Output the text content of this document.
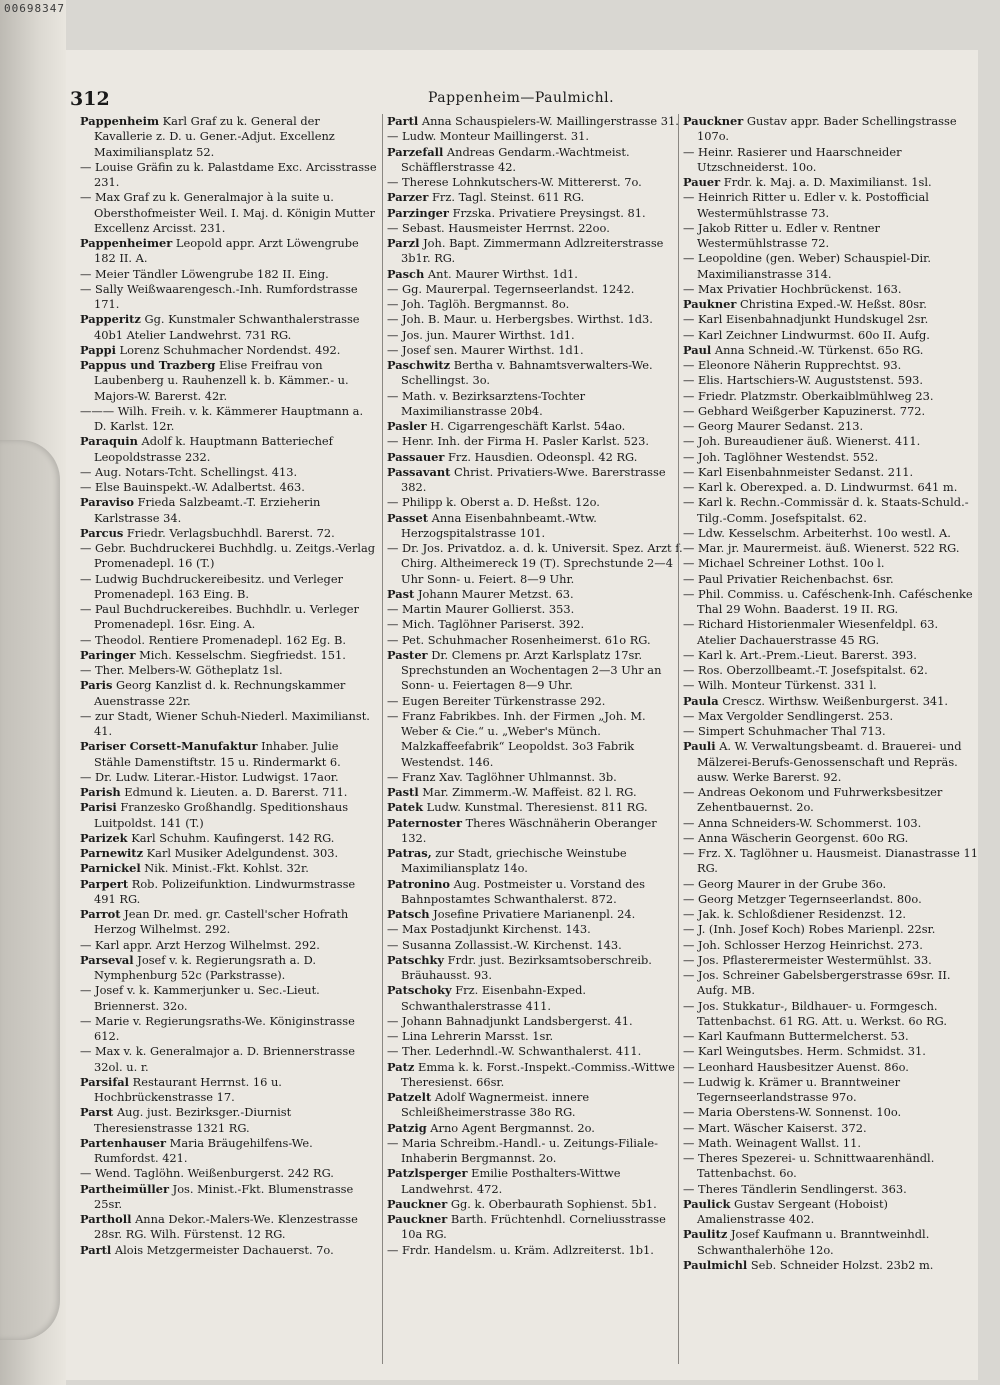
00698347
312	Pappenheim—Paulmichl.

Pappenheim Karl Graf zu k. General der Kavallerie z. D. u. Gener.-Adjut. Excellenz Maximiliansplatz 52.

— Louise Gräfin zu k. Palastdame Exc. Arcisstrasse 231.

— Max Graf zu k. Generalmajor à la suite u. Obersthofmeister Weil. I. Maj. d. Königin Mutter Excellenz Arcisst. 231.

Pappenheimer Leopold appr. Arzt Löwengrube 182 II. A.

— Meier Tändler Löwengrube 182 II. Eing.

— Sally Weißwaarengesch.-Inh. Rumfordstrasse 171.

Papperitz Gg. Kunstmaler Schwanthalerstrasse 40b1 Atelier Landwehrst. 731 RG.

Pappi Lorenz Schuhmacher Nordendst. 492.

Pappus und Trazberg Elise Freifrau von Laubenberg u. Rauhenzell k. b. Kämmer.- u. Majors-W. Barerst. 42r.

——— Wilh. Freih. v. k. Kämmerer Hauptmann a. D. Karlst. 12r.

Paraquin Adolf k. Hauptmann Batteriechef Leopoldstrasse 232.

— Aug. Notars-Tcht. Schellingst. 413.

— Else Bauinspekt.-W. Adalbertst. 463.

Paraviso Frieda Salzbeamt.-T. Erzieherin Karlstrasse 34.

Parcus Friedr. Verlagsbuchhdl. Barerst. 72.

— Gebr. Buchdruckerei Buchhdlg. u. Zeitgs.-Verlag Promenadepl. 16 (T.)

— Ludwig Buchdruckereibesitz. und Verleger Promenadepl. 163 Eing. B.

— Paul Buchdruckereibes. Buchhdlr. u. Verleger Promenadepl. 16sr. Eing. A.

— Theodol. Rentiere Promenadepl. 162 Eg. B.

Paringer Mich. Kesselschm. Siegfriedst. 151.

— Ther. Melbers-W. Götheplatz 1sl.

Paris Georg Kanzlist d. k. Rechnungskammer Auenstrasse 22r.

— zur Stadt, Wiener Schuh-Niederl. Maximilianst. 41.

Pariser Corsett-Manufaktur Inhaber. Julie Stähle Damenstiftstr. 15 u. Rindermarkt 6.

— Dr. Ludw. Literar.-Histor. Ludwigst. 17aor.

Parish Edmund k. Lieuten. a. D. Barerst. 711.

Parisi Franzesko Großhandlg. Speditionshaus Luitpoldst. 141 (T.)

Parizek Karl Schuhm. Kaufingerst. 142 RG.

Parnewitz Karl Musiker Adelgundenst. 303.

Parnickel Nik. Minist.-Fkt. Kohlst. 32r.

Parpert Rob. Polizeifunktion. Lindwurmstrasse 491 RG.

Parrot Jean Dr. med. gr. Castell'scher Hofrath Herzog Wilhelmst. 292.

— Karl appr. Arzt Herzog Wilhelmst. 292.

Parseval Josef v. k. Regierungsrath a. D. Nymphenburg 52c (Parkstrasse).

— Josef v. k. Kammerjunker u. Sec.-Lieut. Briennerst. 32o.

— Marie v. Regierungsraths-We. Königinstrasse 612.

— Max v. k. Generalmajor a. D. Briennerstrasse 32ol. u. r.

Parsifal Restaurant Herrnst. 16 u. Hochbrückenstrasse 17.

Parst Aug. just. Bezirksger.-Diurnist Theresienstrasse 1321 RG.

Partenhauser Maria Bräugehilfens-We. Rumfordst. 421.

— Wend. Taglöhn. Weißenburgerst. 242 RG.

Partheimüller Jos. Minist.-Fkt. Blumenstrasse 25sr.

Partholl Anna Dekor.-Malers-We. Klenzestrasse 28sr. RG. Wilh. Fürstenst. 12 RG.

Partl Alois Metzgermeister Dachauerst. 7o.

Partl Anna Schauspielers-W. Maillingerstrasse 31.

— Ludw. Monteur Maillingerst. 31.

Parzefall Andreas Gendarm.-Wachtmeist. Schäfflerstrasse 42.

— Therese Lohnkutschers-W. Mittererst. 7o.

Parzer Frz. Tagl. Steinst. 611 RG.

Parzinger Frzska. Privatiere Preysingst. 81.

— Sebast. Hausmeister Herrnst. 22oo.

Parzl Joh. Bapt. Zimmermann Adlzreiterstrasse 3b1r. RG.

Pasch Ant. Maurer Wirthst. 1d1.

— Gg. Maurerpal. Tegernseerlandst. 1242.

— Joh. Taglöh. Bergmannst. 8o.

— Joh. B. Maur. u. Herbergsbes. Wirthst. 1d3.

— Jos. jun. Maurer Wirthst. 1d1.

— Josef sen. Maurer Wirthst. 1d1.

Paschwitz Bertha v. Bahnamtsverwalters-We. Schellingst. 3o.

— Math. v. Bezirksarztens-Tochter Maximilianstrasse 20b4.

Pasler H. Cigarrengeschäft Karlst. 54ao.

— Henr. Inh. der Firma H. Pasler Karlst. 523.

Passauer Frz. Hausdien. Odeonspl. 42 RG.

Passavant Christ. Privatiers-Wwe. Barerstrasse 382.

— Philipp k. Oberst a. D. Heßst. 12o.

Passet Anna Eisenbahnbeamt.-Wtw. Herzogspitalstrasse 101.

— Dr. Jos. Privatdoz. a. d. k. Universit. Spez. Arzt f. Chirg. Altheimereck 19 (T). Sprechstunde 2—4 Uhr Sonn- u. Feiert. 8—9 Uhr.

Past Johann Maurer Metzst. 63.

— Martin Maurer Gollierst. 353.

— Mich. Taglöhner Pariserst. 392.

— Pet. Schuhmacher Rosenheimerst. 61o RG.

Paster Dr. Clemens pr. Arzt Karlsplatz 17sr. Sprechstunden an Wochentagen 2—3 Uhr an Sonn- u. Feiertagen 8—9 Uhr.

— Eugen Bereiter Türkenstrasse 292.

— Franz Fabrikbes. Inh. der Firmen „Joh. M. Weber & Cie.“ u. „Weber's Münch. Malzkaffeefabrik“ Leopoldst. 3o3 Fabrik Westendst. 146.

— Franz Xav. Taglöhner Uhlmannst. 3b.

Pastl Mar. Zimmerm.-W. Maffeist. 82 l. RG.

Patek Ludw. Kunstmal. Theresienst. 811 RG.

Paternoster Theres Wäschnäherin Oberanger 132.

Patras, zur Stadt, griechische Weinstube Maximiliansplatz 14o.

Patronino Aug. Postmeister u. Vorstand des Bahnpostamtes Schwanthalerst. 872.

Patsch Josefine Privatiere Marianenpl. 24.

— Max Postadjunkt Kirchenst. 143.

— Susanna Zollassist.-W. Kirchenst. 143.

Patschky Frdr. just. Bezirksamtsoberschreib. Bräuhausst. 93.

Patschoky Frz. Eisenbahn-Exped. Schwanthalerstrasse 411.

— Johann Bahnadjunkt Landsbergerst. 41.

— Lina Lehrerin Marsst. 1sr.

— Ther. Lederhndl.-W. Schwanthalerst. 411.

Patz Emma k. k. Forst.-Inspekt.-Commiss.-Wittwe Theresienst. 66sr.

Patzelt Adolf Wagnermeist. innere Schleißheimerstrasse 38o RG.

Patzig Arno Agent Bergmannst. 2o.

— Maria Schreibm.-Handl.- u. Zeitungs-Filiale-Inhaberin Bergmannst. 2o.

Patzlsperger Emilie Posthalters-Wittwe Landwehrst. 472.

Pauckner Gg. k. Oberbaurath Sophienst. 5b1.

Pauckner Barth. Früchtenhdl. Corneliusstrasse 10a RG.

— Frdr. Handelsm. u. Kräm. Adlzreiterst. 1b1.

Pauckner Gustav appr. Bader Schellingstrasse 107o.

— Heinr. Rasierer und Haarschneider Utzschneiderst. 10o.

Pauer Frdr. k. Maj. a. D. Maximilianst. 1sl.

— Heinrich Ritter u. Edler v. k. Postofficial Westermühlstrasse 73.

— Jakob Ritter u. Edler v. Rentner Westermühlstrasse 72.

— Leopoldine (gen. Weber) Schauspiel-Dir. Maximilianstrasse 314.

— Max Privatier Hochbrückenst. 163.

Paukner Christina Exped.-W. Heßst. 80sr.

— Karl Eisenbahnadjunkt Hundskugel 2sr.

— Karl Zeichner Lindwurmst. 60o II. Aufg.

Paul Anna Schneid.-W. Türkenst. 65o RG.

— Eleonore Näherin Rupprechtst. 93.

— Elis. Hartschiers-W. Auguststenst. 593.

— Friedr. Platzmstr. Oberkaiblmühlweg 23.

— Gebhard Weißgerber Kapuzinerst. 772.

— Georg Maurer Sedanst. 213.

— Joh. Bureaudiener äuß. Wienerst. 411.

— Joh. Taglöhner Westendst. 552.

— Karl Eisenbahnmeister Sedanst. 211.

— Karl k. Oberexped. a. D. Lindwurmst. 641 m.

— Karl k. Rechn.-Commissär d. k. Staats-Schuld.-Tilg.-Comm. Josefspitalst. 62.

— Ldw. Kesselschm. Arbeiterhst. 10o westl. A.

— Mar. jr. Maurermeist. äuß. Wienerst. 522 RG.

— Michael Schreiner Lothst. 10o l.

— Paul Privatier Reichenbachst. 6sr.

— Phil. Commiss. u. Caféschenk-Inh. Caféschenke Thal 29 Wohn. Baaderst. 19 II. RG.

— Richard Historienmaler Wiesenfeldpl. 63. Atelier Dachauerstrasse 45 RG.

— Karl k. Art.-Prem.-Lieut. Barerst. 393.

— Ros. Oberzollbeamt.-T. Josefspitalst. 62.

— Wilh. Monteur Türkenst. 331 l.

Paula Crescz. Wirthsw. Weißenburgerst. 341.

— Max Vergolder Sendlingerst. 253.

— Simpert Schuhmacher Thal 713.

Pauli A. W. Verwaltungsbeamt. d. Brauerei- und Mälzerei-Berufs-Genossenschaft und Repräs. ausw. Werke Barerst. 92.

— Andreas Oekonom und Fuhrwerksbesitzer Zehentbauernst. 2o.

— Anna Schneiders-W. Schommerst. 103.

— Anna Wäscherin Georgenst. 60o RG.

— Frz. X. Taglöhner u. Hausmeist. Dianastrasse 11 RG.

— Georg Maurer in der Grube 36o.

— Georg Metzger Tegernseerlandst. 80o.

— Jak. k. Schloßdiener Residenzst. 12.

— J. (Inh. Josef Koch) Robes Marienpl. 22sr.

— Joh. Schlosser Herzog Heinrichst. 273.

— Jos. Pflasterermeister Westermühlst. 33.

— Jos. Schreiner Gabelsbergerstrasse 69sr. II. Aufg. MB.

— Jos. Stukkatur-, Bildhauer- u. Formgesch. Tattenbachst. 61 RG. Att. u. Werkst. 6o RG.

— Karl Kaufmann Buttermelcherst. 53.

— Karl Weingutsbes. Herm. Schmidst. 31.

— Leonhard Hausbesitzer Auenst. 86o.

— Ludwig k. Krämer u. Branntweiner Tegernseerlandstrasse 97o.

— Maria Oberstens-W. Sonnenst. 10o.

— Mart. Wäscher Kaiserst. 372.

— Math. Weinagent Wallst. 11.

— Theres Spezerei- u. Schnittwaarenhändl. Tattenbachst. 6o.

— Theres Tändlerin Sendlingerst. 363.

Paulick Gustav Sergeant (Hoboist) Amalienstrasse 402.

Paulitz Josef Kaufmann u. Branntweinhdl. Schwanthalerhöhe 12o.

Paulmichl Seb. Schneider Holzst. 23b2 m.
